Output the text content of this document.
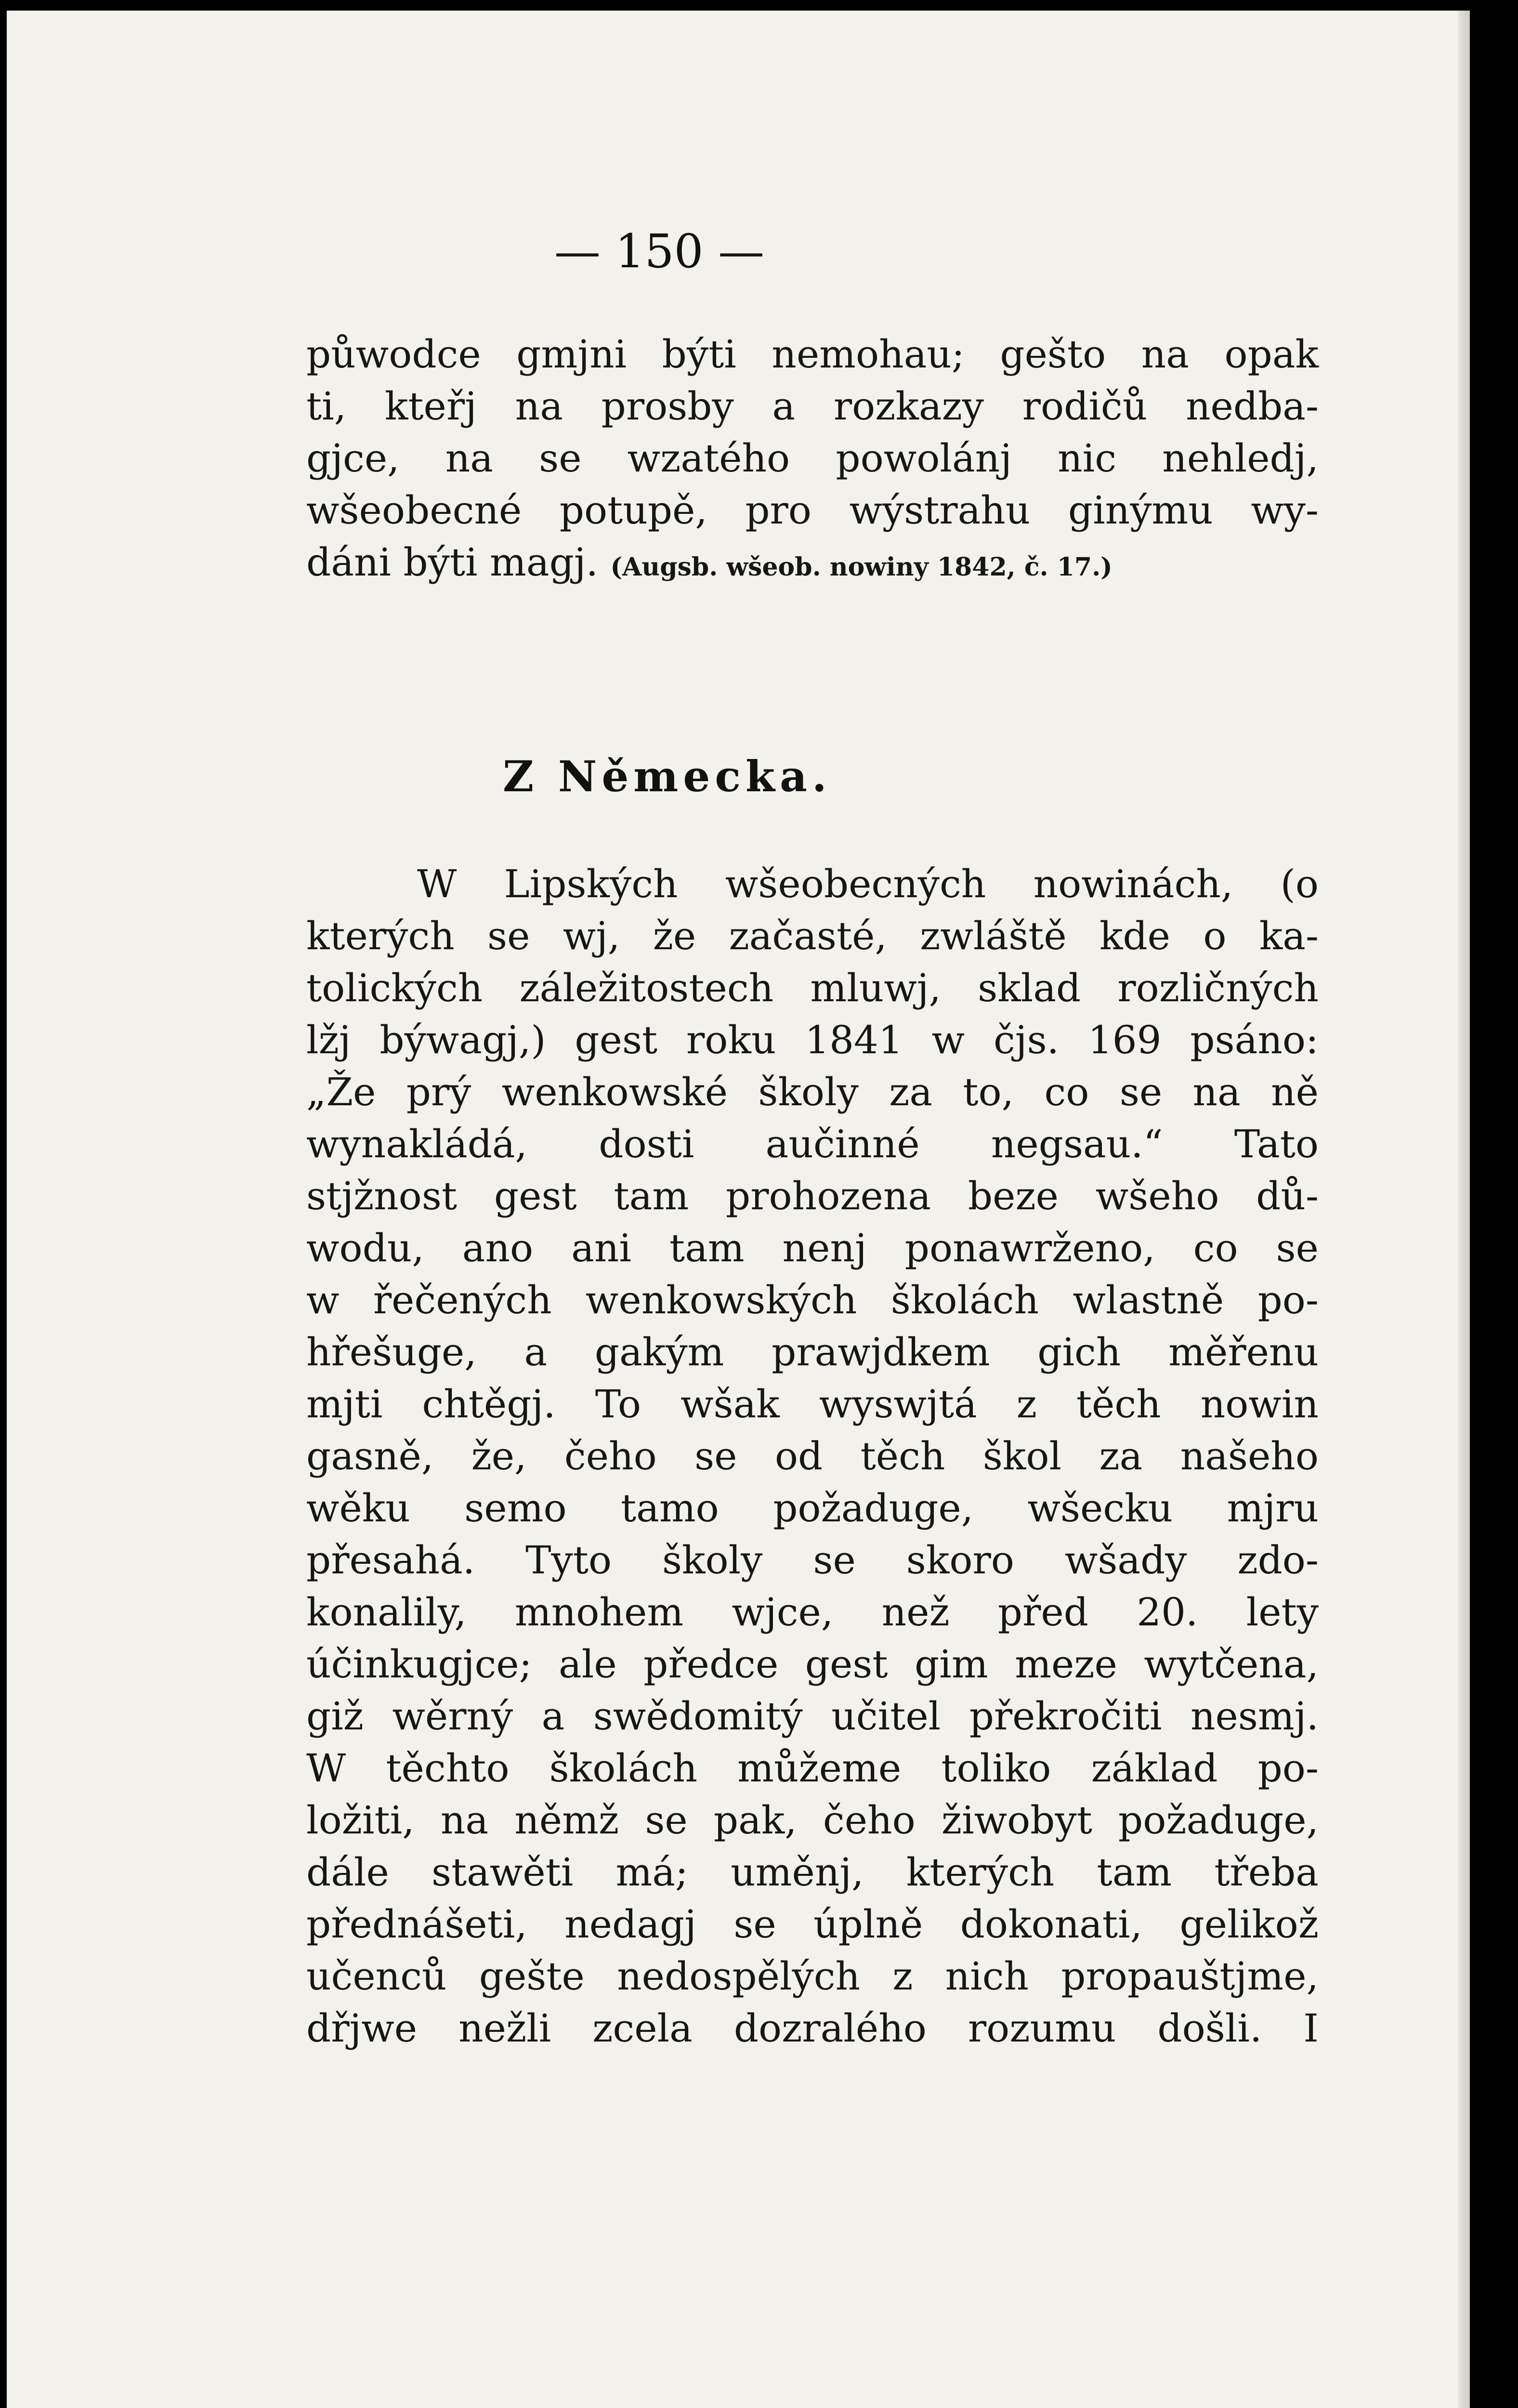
— 150 —
půwodce gmjni býti nemohau; gešto na opak
ti, kteřj na prosby a rozkazy rodičů nedba-
gjce, na se wzatého powolánj nic nehledj,
wšeobecné potupě, pro wýstrahu ginýmu wy-
dáni býti magj. (Augsb. wšeob. nowiny 1842, č. 17.)
Z Německa.
W Lipských wšeobecných nowinách, (o
kterých se wj, že začasté, zwláště kde o ka-
tolických záležitostech mluwj, sklad rozličných
lžj býwagj,) gest roku 1841 w čjs. 169 psáno:
„Že prý wenkowské školy za to, co se na ně
wynakládá, dosti aučinné negsau.“ Tato
stjžnost gest tam prohozena beze wšeho dů-
wodu, ano ani tam nenj ponawrženo, co se
w řečených wenkowských školách wlastně po-
hřešuge, a gakým prawjdkem gich měřenu
mjti chtěgj. To wšak wyswjtá z těch nowin
gasně, že, čeho se od těch škol za našeho
wěku semo tamo požaduge, wšecku mjru
přesahá. Tyto školy se skoro wšady zdo-
konalily, mnohem wjce, než před 20. lety
účinkugjce; ale předce gest gim meze wytčena,
giž wěrný a swědomitý učitel překročiti nesmj.
W těchto školách můžeme toliko základ po-
ložiti, na němž se pak, čeho žiwobyt požaduge,
dále stawěti má; uměnj, kterých tam třeba
přednášeti, nedagj se úplně dokonati, gelikož
učenců gešte nedospělých z nich propauštjme,
dřjwe nežli zcela dozralého rozumu došli. I
